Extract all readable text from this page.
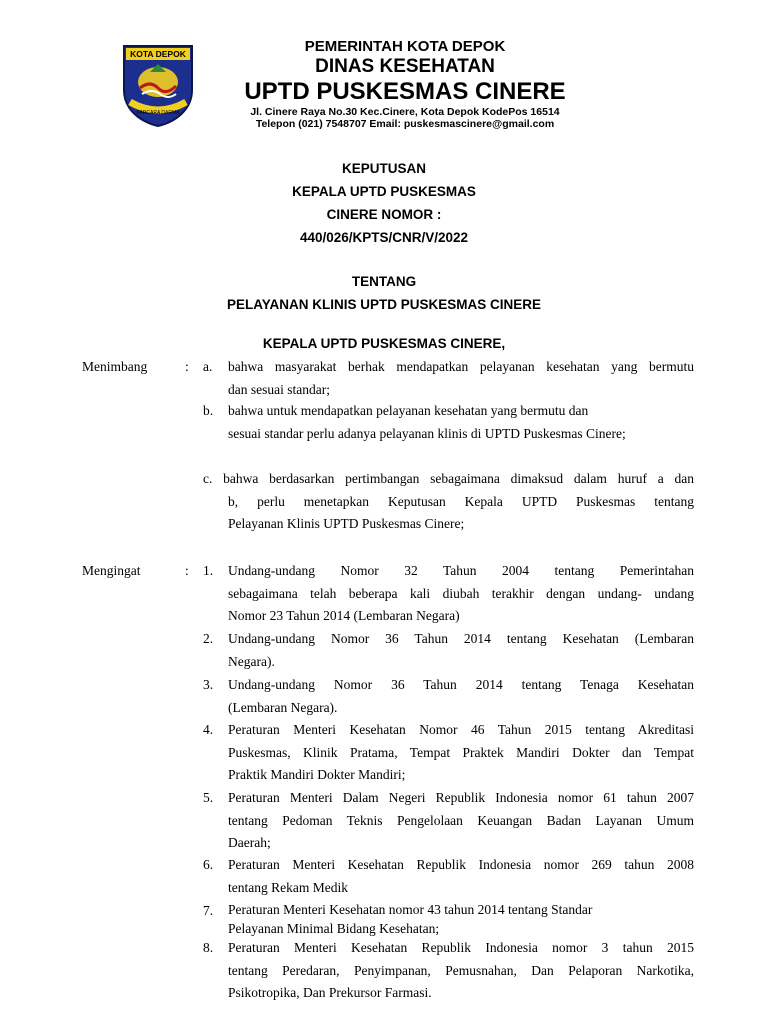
KOTA DEPOK
PARCARA DARMA
PEMERINTAH KOTA DEPOK
DINAS KESEHATAN
UPTD PUSKESMAS CINERE
Jl. Cinere Raya No.30 Kec.Cinere, Kota Depok KodePos 16514
Telepon (021) 7548707 Email: puskesmascinere@gmail.com
KEPUTUSAN
KEPALA UPTD PUSKESMAS
CINERE NOMOR :
440/026/KPTS/CNR/V/2022
TENTANG
PELAYANAN KLINIS UPTD PUSKESMAS CINERE
KEPALA UPTD PUSKESMAS CINERE,
Menimbang	: a. bahwa masyarakat berhak mendapatkan pelayanan kesehatan yang bermutu
dan sesuai standar;
b. bahwa untuk mendapatkan pelayanan kesehatan yang bermutu dan
sesuai standar perlu adanya pelayanan klinis di UPTD Puskesmas Cinere;
c. bahwa berdasarkan pertimbangan sebagaimana dimaksud dalam huruf a dan
b, perlu menetapkan Keputusan Kepala UPTD Puskesmas tentang
Pelayanan Klinis UPTD Puskesmas Cinere;
Mengingat	: 1. Undang-undang Nomor 32 Tahun 2004 tentang Pemerintahan
sebagaimana telah beberapa kali diubah terakhir dengan undang- undang
Nomor 23 Tahun 2014 (Lembaran Negara)
2. Undang-undang Nomor 36 Tahun 2014 tentang Kesehatan (Lembaran
Negara).
3. Undang-undang Nomor 36 Tahun 2014 tentang Tenaga Kesehatan
(Lembaran Negara).
4. Peraturan Menteri Kesehatan Nomor 46 Tahun 2015 tentang Akreditasi
Puskesmas, Klinik Pratama, Tempat Praktek Mandiri Dokter dan Tempat
Praktik Mandiri Dokter Mandiri;
5. Peraturan Menteri Dalam Negeri Republik Indonesia nomor 61 tahun 2007
tentang Pedoman Teknis Pengelolaan Keuangan Badan Layanan Umum
Daerah;
6. Peraturan Menteri Kesehatan Republik Indonesia nomor 269 tahun 2008
tentang Rekam Medik
7. Peraturan Menteri Kesehatan nomor 43 tahun 2014 tentang Standar
Pelayanan Minimal Bidang Kesehatan;
8. Peraturan Menteri Kesehatan Republik Indonesia nomor 3 tahun 2015
tentang Peredaran, Penyimpanan, Pemusnahan, Dan Pelaporan Narkotika,
Psikotropika, Dan Prekursor Farmasi.
